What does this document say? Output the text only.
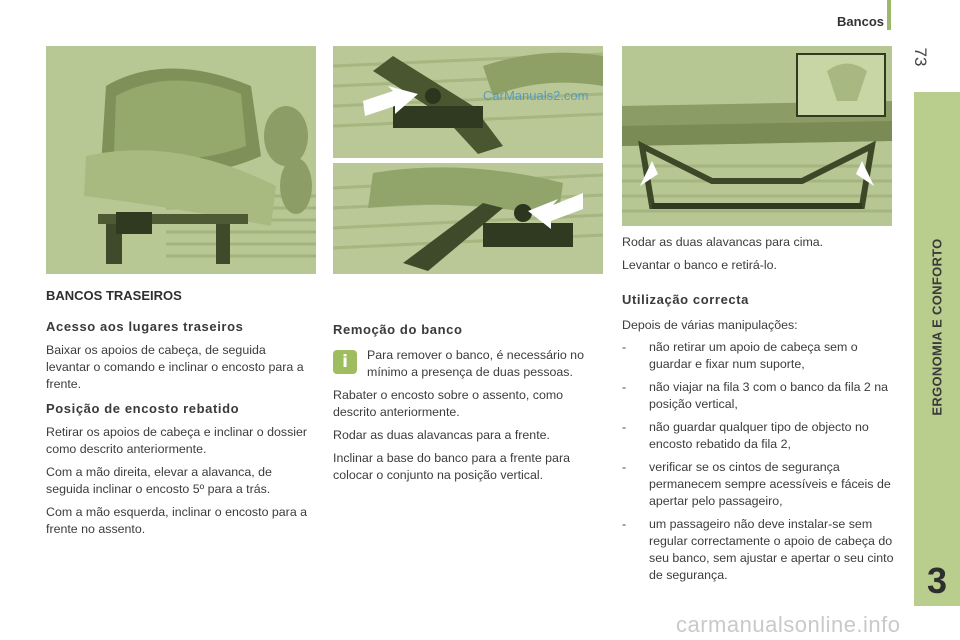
Bancos
73
ERGONOMIA E CONFORTO
3
CarManuals2.com
BANCOS TRASEIROS
Acesso aos lugares traseiros

Baixar os apoios de cabeça, de seguida levantar o comando e inclinar o encosto para a frente.

Posição de encosto rebatido

Retirar os apoios de cabeça e inclinar o dossier como descrito anteriormente.

Com a mão direita, elevar a alavanca, de seguida inclinar o encosto 5º para a trás.

Com a mão esquerda, inclinar o encosto para a frente no assento.

Remoção do banco
i	Para remover o banco, é necessário no mínimo a presença de duas pessoas.

Rabater o encosto sobre o assento, como descrito anteriormente.

Rodar as duas alavancas para a frente.

Inclinar a base do banco para a frente para colocar o conjunto na posição vertical.

Rodar as duas alavancas para cima.

Levantar o banco e retirá-lo.

Utilização correcta

Depois de várias manipulações:

- não retirar um apoio de cabeça sem o guardar e fixar num suporte,
- não viajar na fila 3 com o banco da fila 2 na posição vertical,
- não guardar qualquer tipo de objecto no encosto rebatido da fila 2,
- verificar se os cintos de segurança permanecem sempre acessíveis e fáceis de apertar pelo passageiro,
- um passageiro não deve instalar-se sem regular correctamente o apoio de cabeça do seu banco, sem ajustar e apertar o seu cinto de segurança.
carmanualsonline.info
